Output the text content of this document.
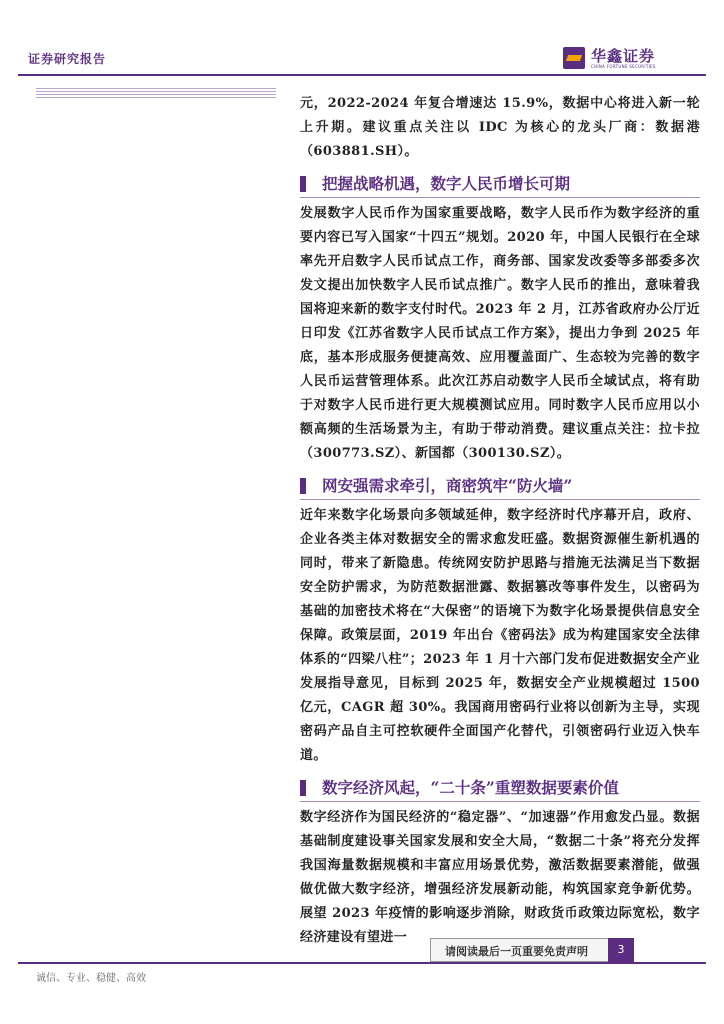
证券研究报告	华鑫证券
CHINA FORTUNE SECURITIES

元，2022-2024 年复合增速达 15.9%，数据中心将进入新一轮上升期。建议重点关注以 IDC 为核心的龙头厂商：数据港（603881.SH）。

把握战略机遇，数字人民币增长可期

发展数字人民币作为国家重要战略，数字人民币作为数字经济的重要内容已写入国家“十四五”规划。2020 年，中国人民银行在全球率先开启数字人民币试点工作，商务部、国家发改委等多部委多次发文提出加快数字人民币试点推广。数字人民币的推出，意味着我国将迎来新的数字支付时代。2023 年 2 月，江苏省政府办公厅近日印发《江苏省数字人民币试点工作方案》，提出力争到 2025 年底，基本形成服务便捷高效、应用覆盖面广、生态较为完善的数字人民币运营管理体系。此次江苏启动数字人民币全域试点，将有助于对数字人民币进行更大规模测试应用。同时数字人民币应用以小额高频的生活场景为主，有助于带动消费。建议重点关注：拉卡拉（300773.SZ）、新国都（300130.SZ）。

网安强需求牵引，商密筑牢“防火墙”

近年来数字化场景向多领域延伸，数字经济时代序幕开启，政府、企业各类主体对数据安全的需求愈发旺盛。数据资源催生新机遇的同时，带来了新隐患。传统网安防护思路与措施无法满足当下数据安全防护需求，为防范数据泄露、数据篡改等事件发生，以密码为基础的加密技术将在“大保密”的语境下为数字化场景提供信息安全保障。政策层面，2019 年出台《密码法》成为构建国家安全法律体系的“四梁八柱”；2023 年 1 月十六部门发布促进数据安全产业发展指导意见，目标到 2025 年，数据安全产业规模超过 1500 亿元，CAGR 超 30%。我国商用密码行业将以创新为主导，实现密码产品自主可控软硬件全面国产化替代，引领密码行业迈入快车道。

数字经济风起，“二十条”重塑数据要素价值

数字经济作为国民经济的“稳定器”、“加速器”作用愈发凸显。数据基础制度建设事关国家发展和安全大局，“数据二十条”将充分发挥我国海量数据规模和丰富应用场景优势，激活数据要素潜能，做强做优做大数字经济，增强经济发展新动能，构筑国家竞争新优势。展望 2023 年疫情的影响逐步消除，财政货币政策边际宽松，数字经济建设有望进一

请阅读最后一页重要免责声明	3
诚信、专业、稳健、高效
